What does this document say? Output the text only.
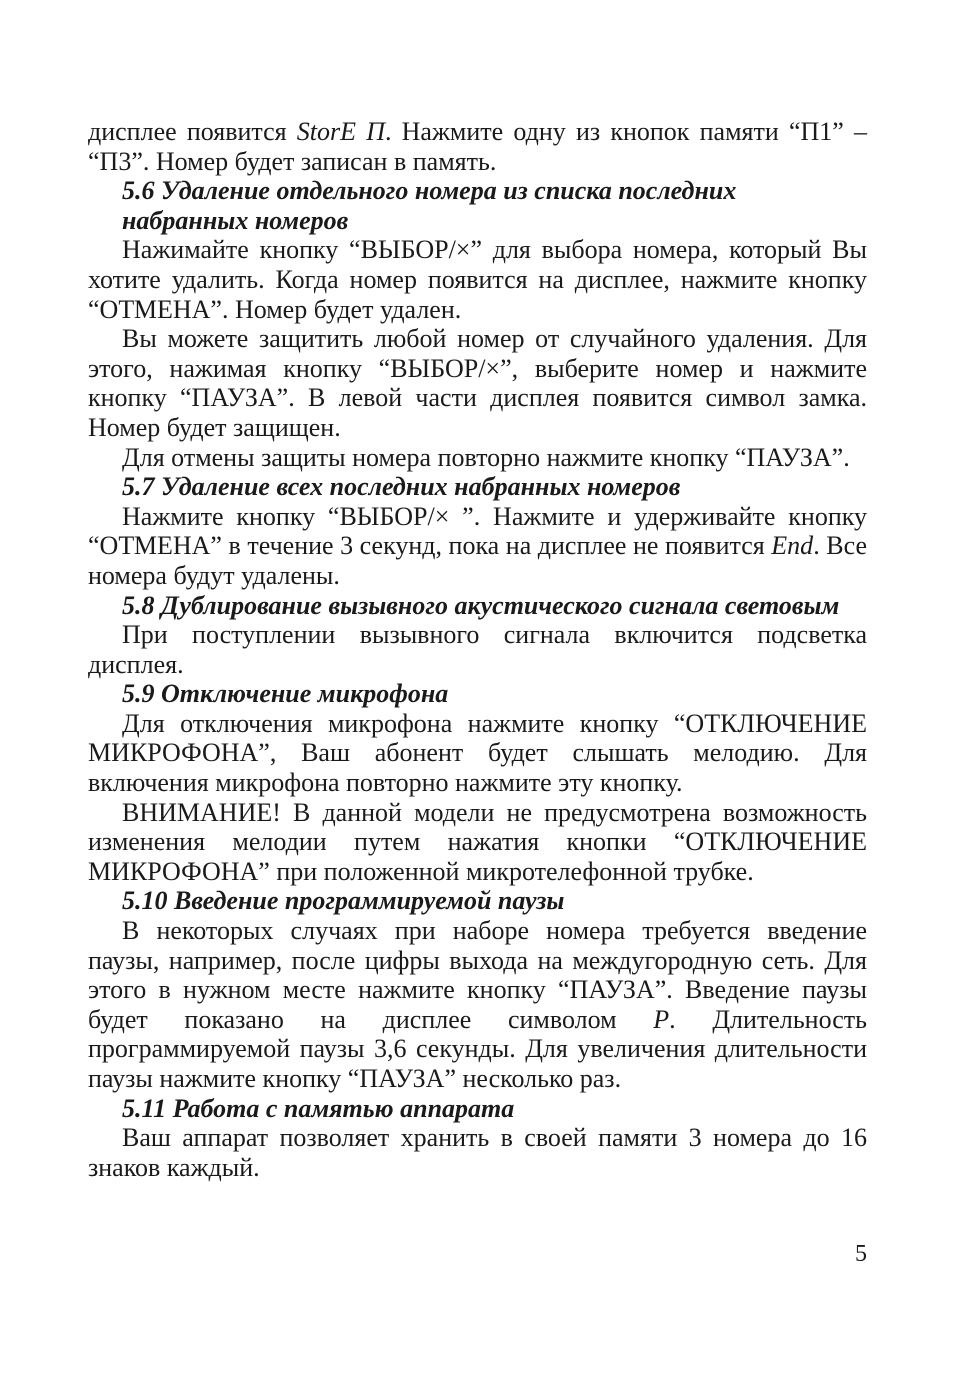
дисплее появится StorE П. Нажмите одну из кнопок памяти “П1” – “П3”. Номер будет записан в память.

5.6 Удаление отдельного номера из списка последних набранных номеров

Нажимайте кнопку “ВЫБОР/×” для выбора номера, который Вы хотите удалить. Когда номер появится на дисплее, нажмите кнопку “ОТМЕНА”. Номер будет удален.

Вы можете защитить любой номер от случайного удаления. Для этого, нажимая кнопку “ВЫБОР/×”, выберите номер и нажмите кнопку “ПАУЗА”. В левой части дисплея появится символ замка. Номер будет защищен.

Для отмены защиты номера повторно нажмите кнопку “ПАУЗА”.

5.7 Удаление всех последних набранных номеров

Нажмите кнопку “ВЫБОР/× ”. Нажмите и удерживайте кнопку “ОТМЕНА” в течение 3 секунд, пока на дисплее не появится End. Все номера будут удалены.

5.8 Дублирование вызывного акустического сигнала световым

При поступлении вызывного сигнала включится подсветка дисплея.

5.9 Отключение микрофона

Для отключения микрофона нажмите кнопку “ОТКЛЮЧЕНИЕ МИКРОФОНА”, Ваш абонент будет слышать мелодию. Для включения микрофона повторно нажмите эту кнопку.

ВНИМАНИЕ! В данной модели не предусмотрена возможность изменения мелодии путем нажатия кнопки “ОТКЛЮЧЕНИЕ МИКРОФОНА” при положенной микротелефонной трубке.

5.10 Введение программируемой паузы

В некоторых случаях при наборе номера требуется введение паузы, например, после цифры выхода на междугородную сеть. Для этого в нужном месте нажмите кнопку “ПАУЗА”. Введение паузы будет показано на дисплее символом P. Длительность программируемой паузы 3,6 секунды. Для увеличения длительности паузы нажмите кнопку “ПАУЗА” несколько раз.

5.11 Работа с памятью аппарата

Ваш аппарат позволяет хранить в своей памяти 3 номера до 16 знаков каждый.

5
